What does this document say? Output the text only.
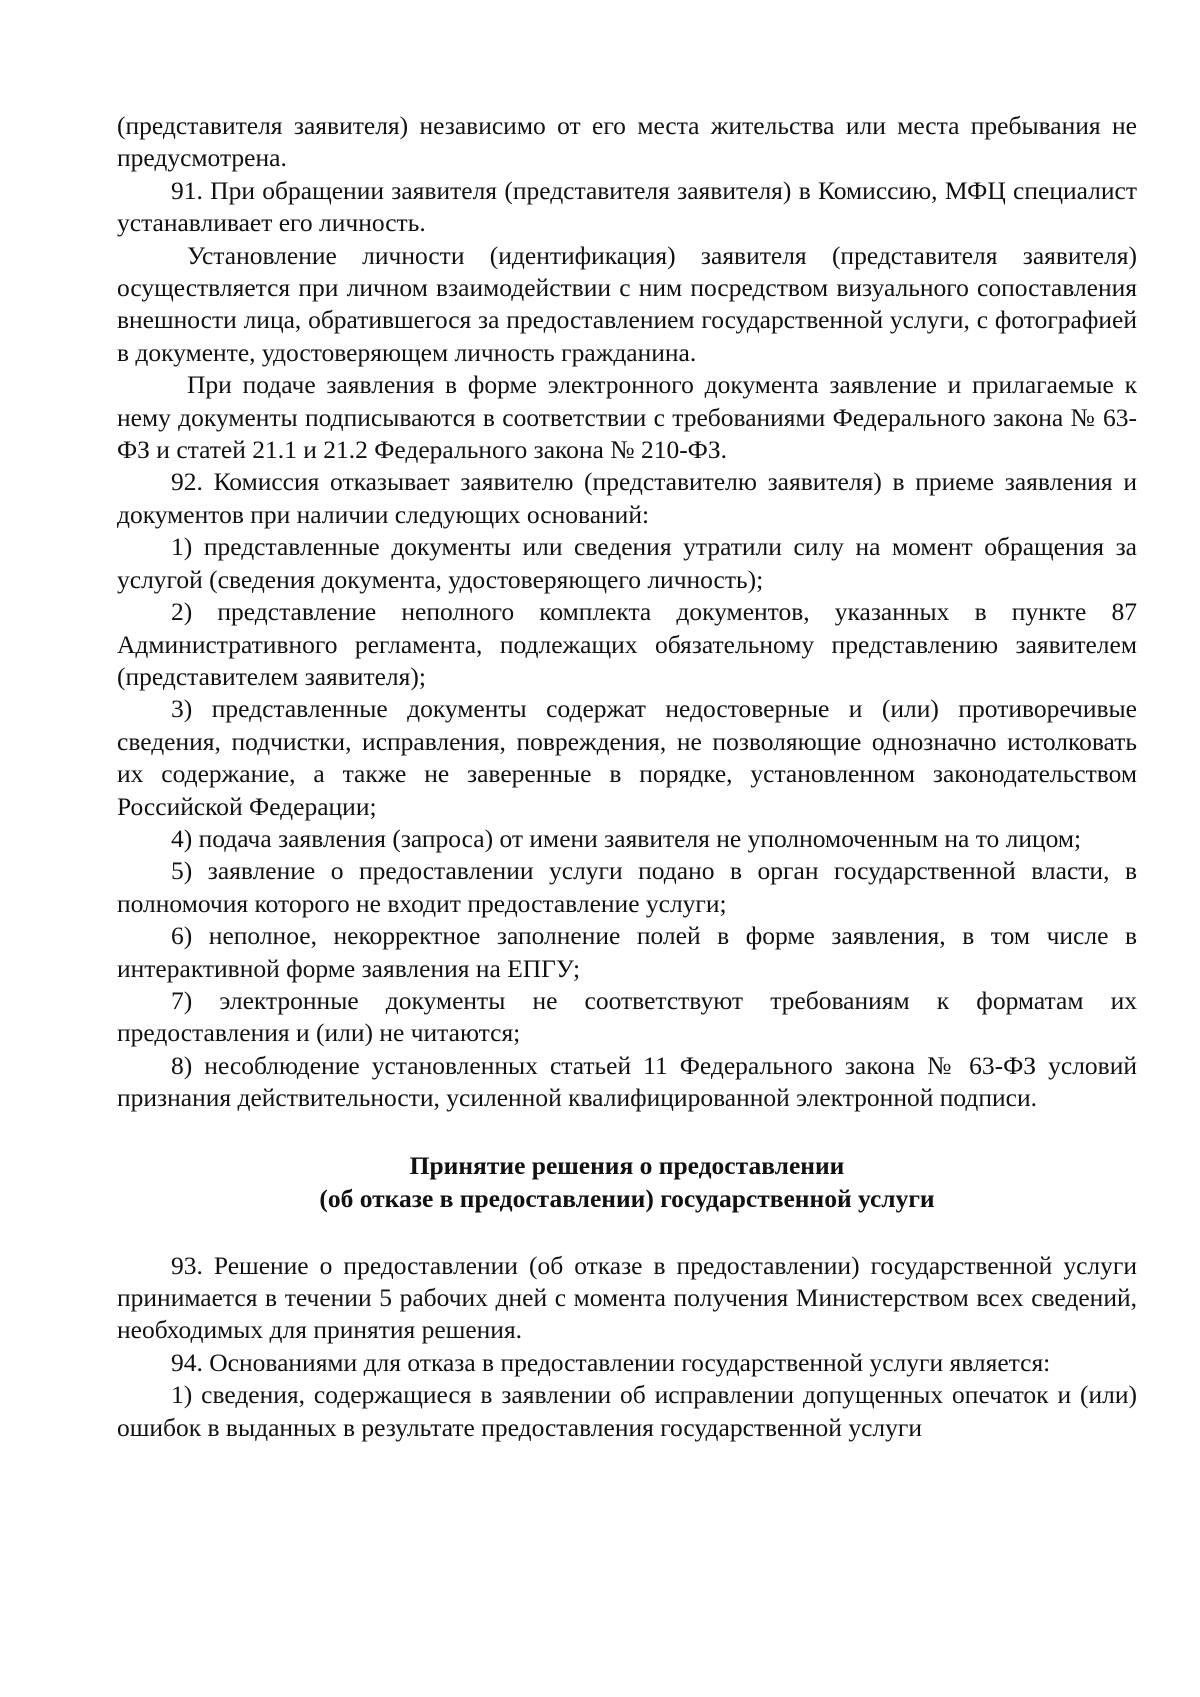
(представителя заявителя) независимо от его места жительства или места пребывания не предусмотрена.

91. При обращении заявителя (представителя заявителя) в Комиссию, МФЦ специалист устанавливает его личность.

Установление личности (идентификация) заявителя (представителя заявителя) осуществляется при личном взаимодействии с ним посредством визуального сопоставления внешности лица, обратившегося за предоставлением государственной услуги, с фотографией в документе, удостоверяющем личность гражданина.

При подаче заявления в форме электронного документа заявление и прилагаемые к нему документы подписываются в соответствии с требованиями Федерального закона № 63-ФЗ и статей 21.1 и 21.2 Федерального закона № 210-ФЗ.

92. Комиссия отказывает заявителю (представителю заявителя) в приеме заявления и документов при наличии следующих оснований:

1) представленные документы или сведения утратили силу на момент обращения за услугой (сведения документа, удостоверяющего личность);

2) представление неполного комплекта документов, указанных в пункте 87 Административного регламента, подлежащих обязательному представлению заявителем (представителем заявителя);

3) представленные документы содержат недостоверные и (или) противоречивые сведения, подчистки, исправления, повреждения, не позволяющие однозначно истолковать их содержание, а также не заверенные в порядке, установленном законодательством Российской Федерации;

4) подача заявления (запроса) от имени заявителя не уполномоченным на то лицом;

5) заявление о предоставлении услуги подано в орган государственной власти, в полномочия которого не входит предоставление услуги;

6) неполное, некорректное заполнение полей в форме заявления, в том числе в интерактивной форме заявления на ЕПГУ;

7) электронные документы не соответствуют требованиям к форматам их предоставления и (или) не читаются;

8) несоблюдение установленных статьей 11 Федерального закона № 63-ФЗ условий признания действительности, усиленной квалифицированной электронной подписи.

Принятие решения о предоставлении
(об отказе в предоставлении) государственной услуги

93. Решение о предоставлении (об отказе в предоставлении) государственной услуги принимается в течении 5 рабочих дней с момента получения Министерством всех сведений, необходимых для принятия решения.

94. Основаниями для отказа в предоставлении государственной услуги является:

1) сведения, содержащиеся в заявлении об исправлении допущенных опечаток и (или) ошибок в выданных в результате предоставления государственной услуги
